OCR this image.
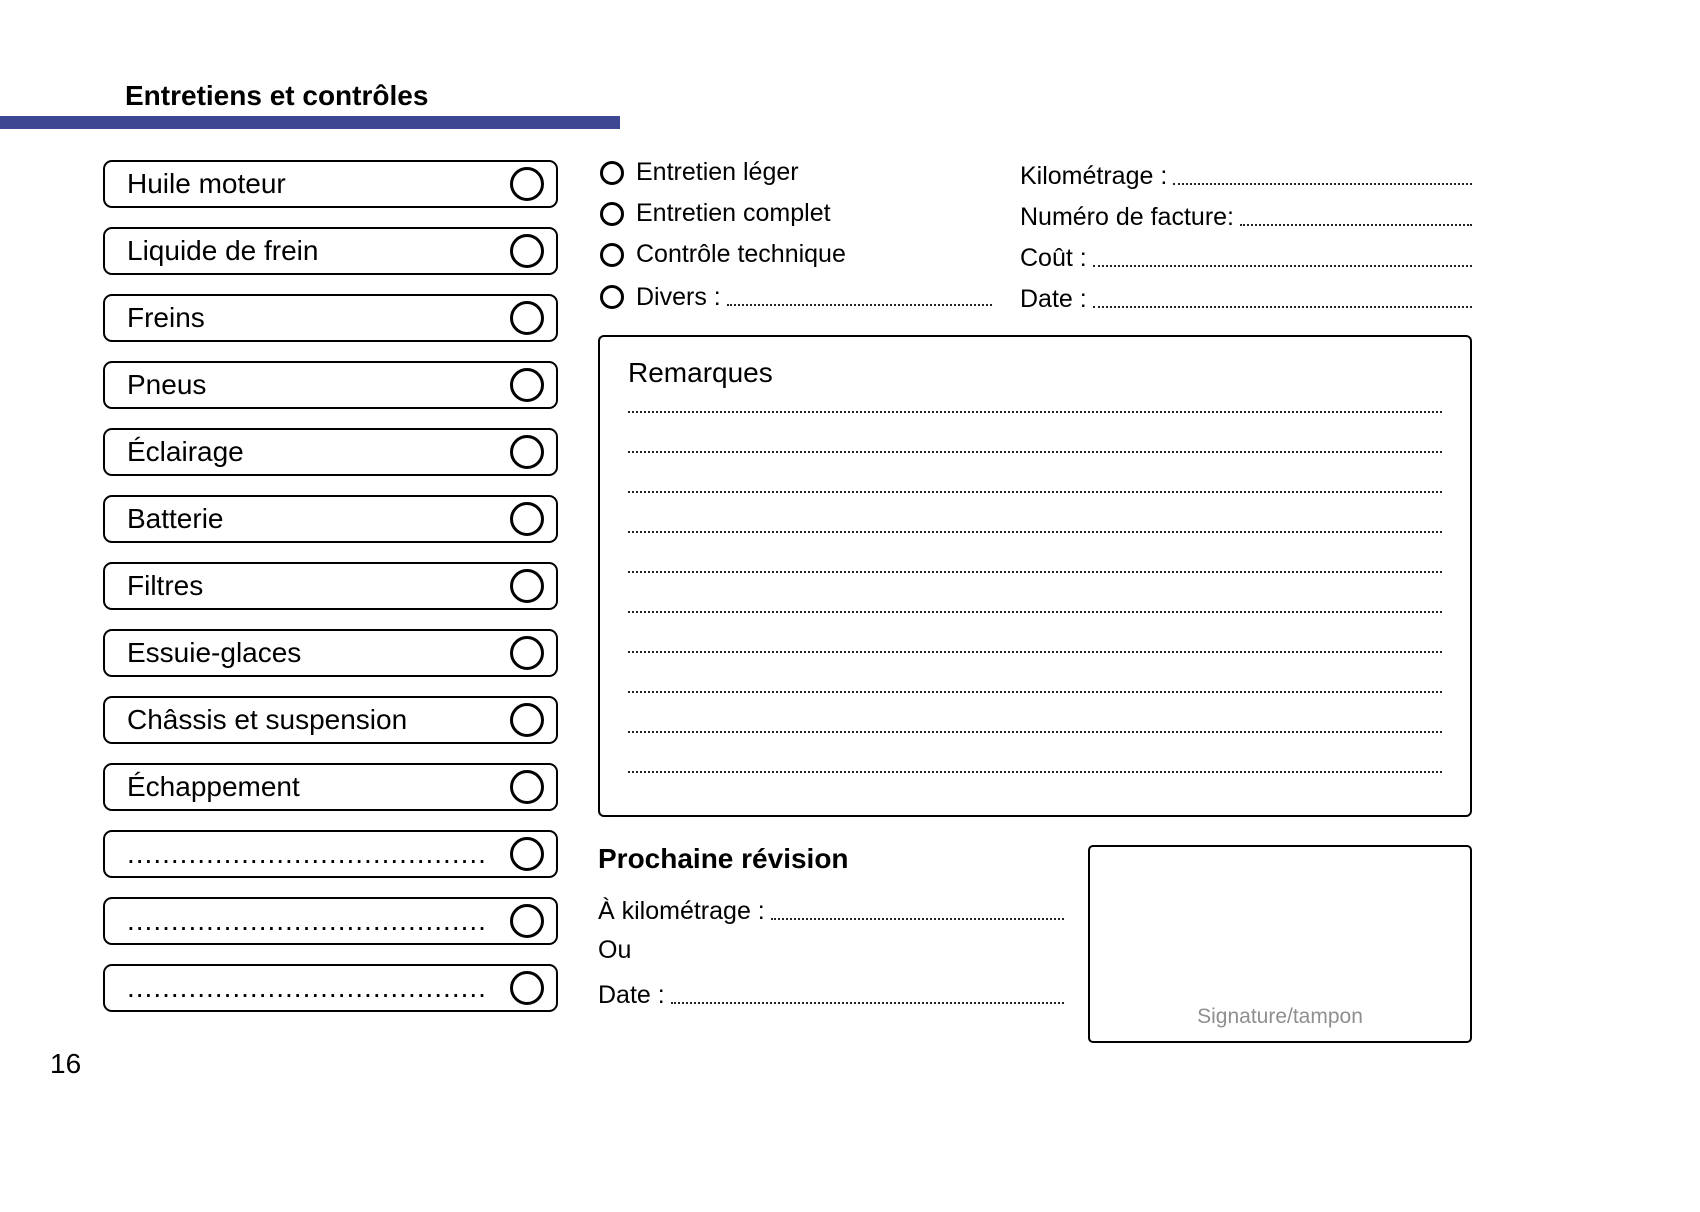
Entretiens et contrôles
Huile moteur
Liquide de frein
Freins
Pneus
Éclairage
Batterie
Filtres
Essuie-glaces
Châssis et suspension
Échappement
.........................................
.........................................
.........................................
Entretien léger
Entretien complet
Contrôle technique
Divers :
Kilométrage :
Numéro de facture:
Coût :
Date :
Remarques
Prochaine révision
À kilométrage :
Ou
Date :
Signature/tampon
16
